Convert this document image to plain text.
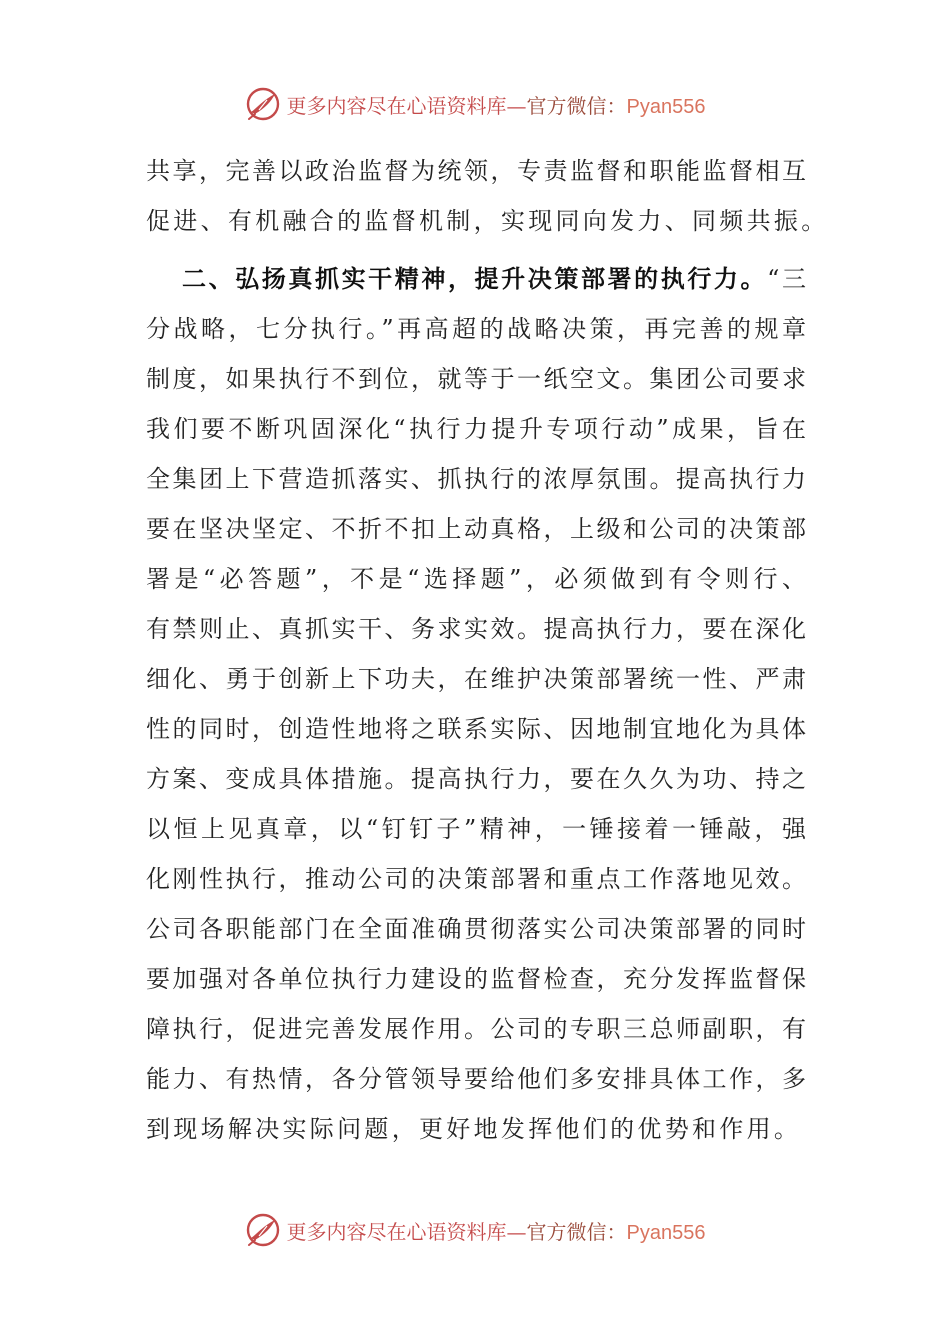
更多内容尽在心语资料库 — 官方微信： Pyan556
共享，完善以政治监督为统领，专责监督和职能监督相互
促进、有机融合的监督机制，实现同向发力、同频共振。
二、弘扬真抓实干精神，提升决策部署的执行力。“三
分战略，七分执行。”再高超的战略决策，再完善的规章
制度，如果执行不到位，就等于一纸空文。集团公司要求
我们要不断巩固深化“执行力提升专项行动”成果，旨在
全集团上下营造抓落实、抓执行的浓厚氛围。提高执行力
要在坚决坚定、不折不扣上动真格，上级和公司的决策部
署是“必答题”，不是“选择题”，必须做到有令则行、
有禁则止、真抓实干、务求实效。提高执行力，要在深化
细化、勇于创新上下功夫，在维护决策部署统一性、严肃
性的同时，创造性地将之联系实际、因地制宜地化为具体
方案、变成具体措施。提高执行力，要在久久为功、持之
以恒上见真章，以“钉钉子”精神，一锤接着一锤敲，强
化刚性执行，推动公司的决策部署和重点工作落地见效。
公司各职能部门在全面准确贯彻落实公司决策部署的同时
要加强对各单位执行力建设的监督检查，充分发挥监督保
障执行，促进完善发展作用。公司的专职三总师副职，有
能力、有热情，各分管领导要给他们多安排具体工作，多
到现场解决实际问题，更好地发挥他们的优势和作用。
更多内容尽在心语资料库 — 官方微信： Pyan556
